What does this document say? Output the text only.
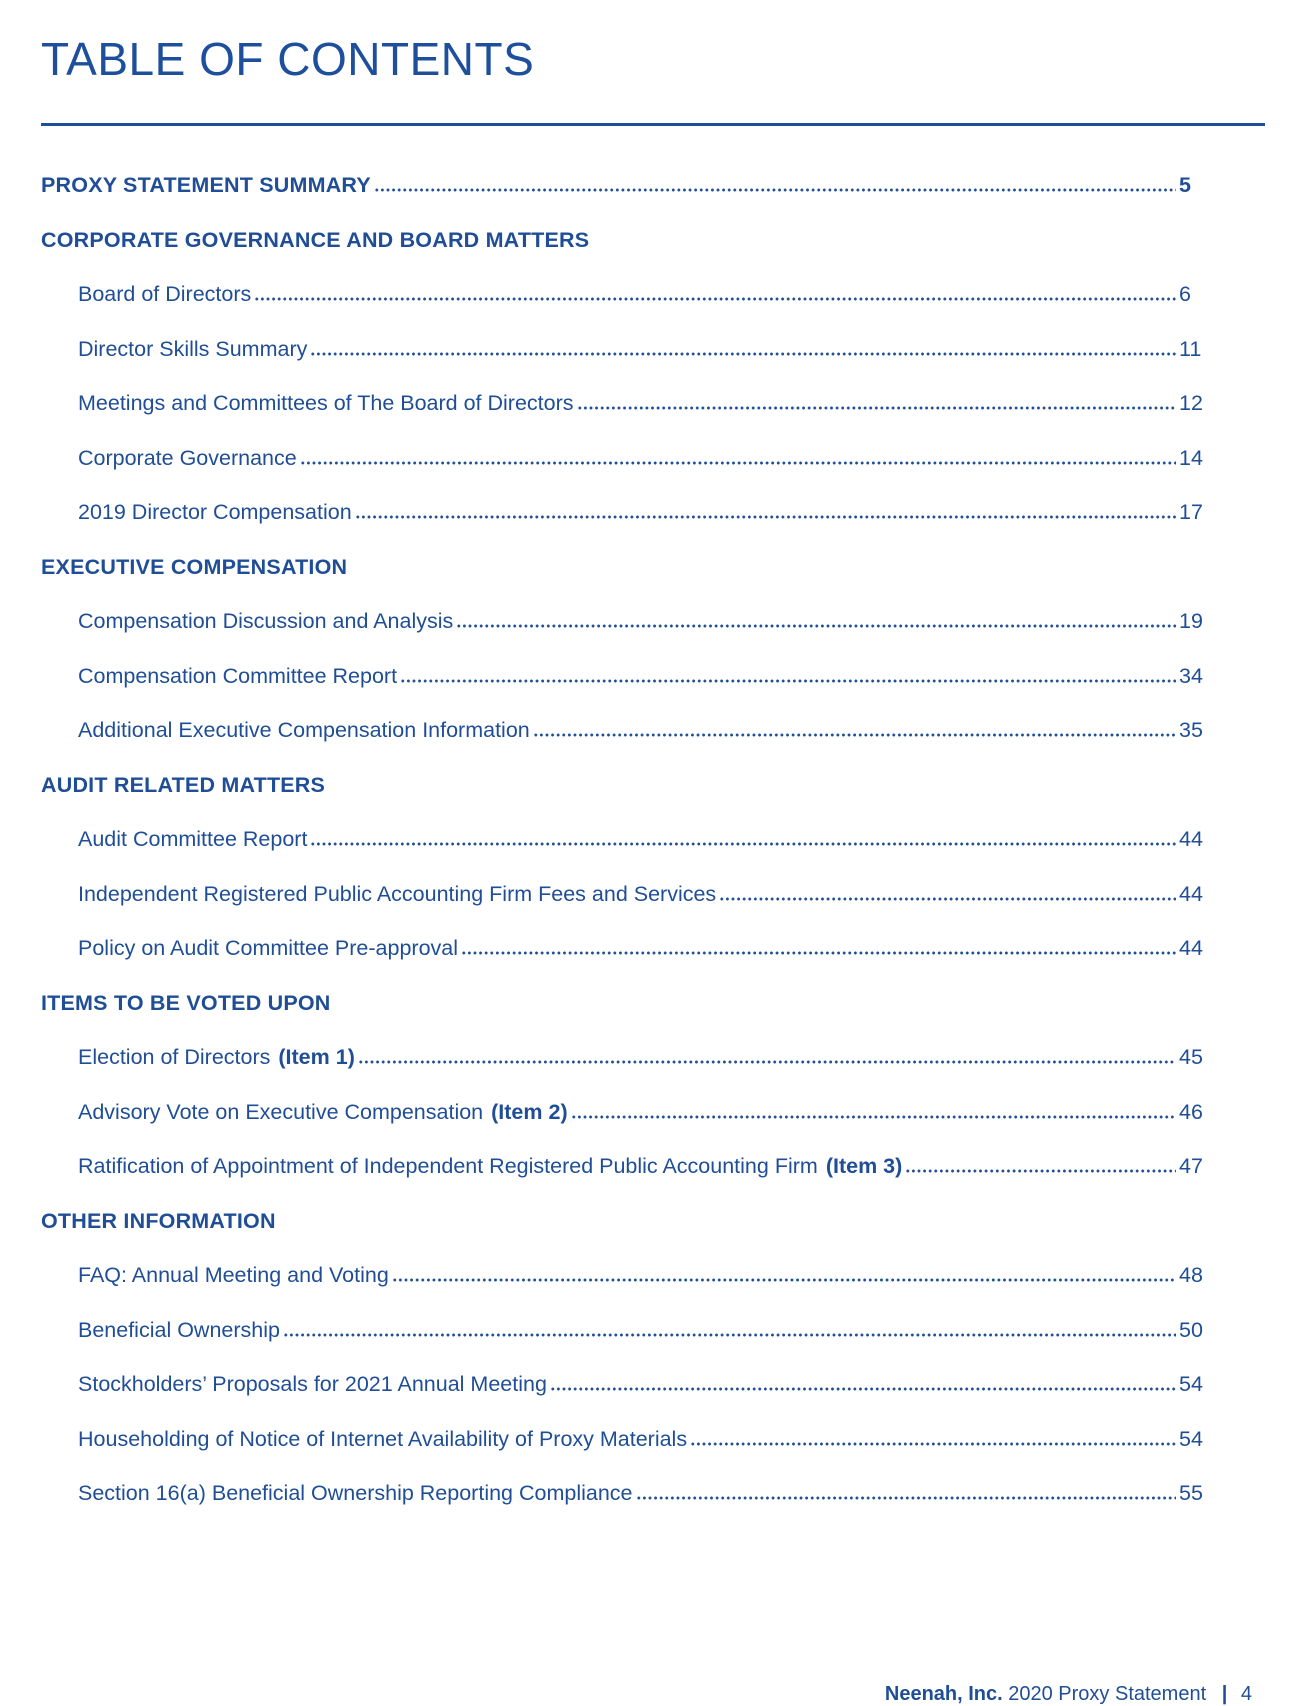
TABLE OF CONTENTS
PROXY STATEMENT SUMMARY	5
CORPORATE GOVERNANCE AND BOARD MATTERS
Board of Directors	6
Director Skills Summary	11
Meetings and Committees of The Board of Directors	12
Corporate Governance	14
2019 Director Compensation	17
EXECUTIVE COMPENSATION
Compensation Discussion and Analysis	19
Compensation Committee Report	34
Additional Executive Compensation Information	35
AUDIT RELATED MATTERS
Audit Committee Report	44
Independent Registered Public Accounting Firm Fees and Services	44
Policy on Audit Committee Pre-approval	44
ITEMS TO BE VOTED UPON
Election of Directors (Item 1)	45
Advisory Vote on Executive Compensation (Item 2)	46
Ratification of Appointment of Independent Registered Public Accounting Firm (Item 3)	47
OTHER INFORMATION
FAQ: Annual Meeting and Voting	48
Beneficial Ownership	50
Stockholders’ Proposals for 2021 Annual Meeting	54
Householding of Notice of Internet Availability of Proxy Materials	54
Section 16(a) Beneficial Ownership Reporting Compliance	55
Neenah, Inc. 2020 Proxy Statement | 4
